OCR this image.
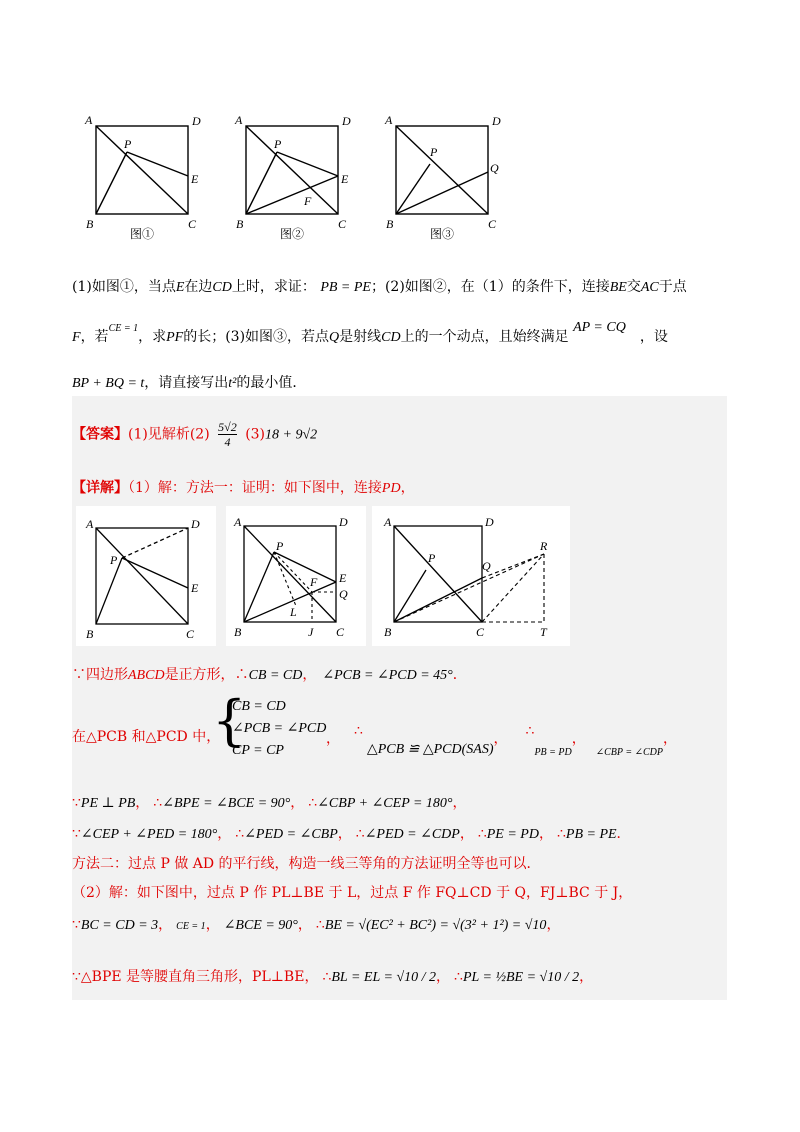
A	D
P
E
B	C
图①
A	D
P
E
F
B	C
图②
A	D
P
Q
B	C
图③
(1)如图①，当点E在边CD上时，求证： PB = PE；(2)如图②，在（1）的条件下，连接BE交AC于点
F，若$^{CE = 1}$，求PF的长；(3)如图③，若点Q是射线CD上的一个动点，且始终满足 AP = CQ，设
BP + BQ = t，请直接写出t²的最小值．
【答案】(1)见解析$(2) \frac{5√2}{4} (3)18 + 9√2$
【详解】（1）解：方法一：证明：如下图中，连接PD，
A	D
P
E
B	C
A	D
P
E
Q
F
L
B	J C
A	D
P
Q
R
B	C	T
∵四边形ABCD是正方形，∴CB = CD， ∠PCB = ∠PCD = 45°．
在△PCB 和△PCD 中，
{
CB = CD
∠PCB = ∠PCD
CP = CP
， ∴△PCB ≌ △PCD(SAS)， $\therefore_{PB = PD}$，$_{\angle CBP = \angle CDP}$，
∵PE ⊥ PB， ∴∠BPE = ∠BCE = 90°， ∴∠CBP + ∠CEP = 180°，
∵∠CEP + ∠PED = 180°， ∴∠PED = ∠CBP， ∴∠PED = ∠CDP， ∴PE = PD， ∴PB = PE．
方法二：过点 P 做 AD 的平行线，构造一线三等角的方法证明全等也可以．
（2）解：如下图中，过点 P 作 PL⊥BE 于 L，过点 F 作 FQ⊥CD 于 Q，FJ⊥BC 于 J，
∵BC = CD = 3， CE = 1， ∠BCE = 90°， ∴BE = √(EC² + BC²) = √(3² + 1²) = √10，
∵△BPE 是等腰直角三角形，PL⊥BE， ∴BL = EL = √10 / 2， ∴PL = ½BE = √10 / 2，
